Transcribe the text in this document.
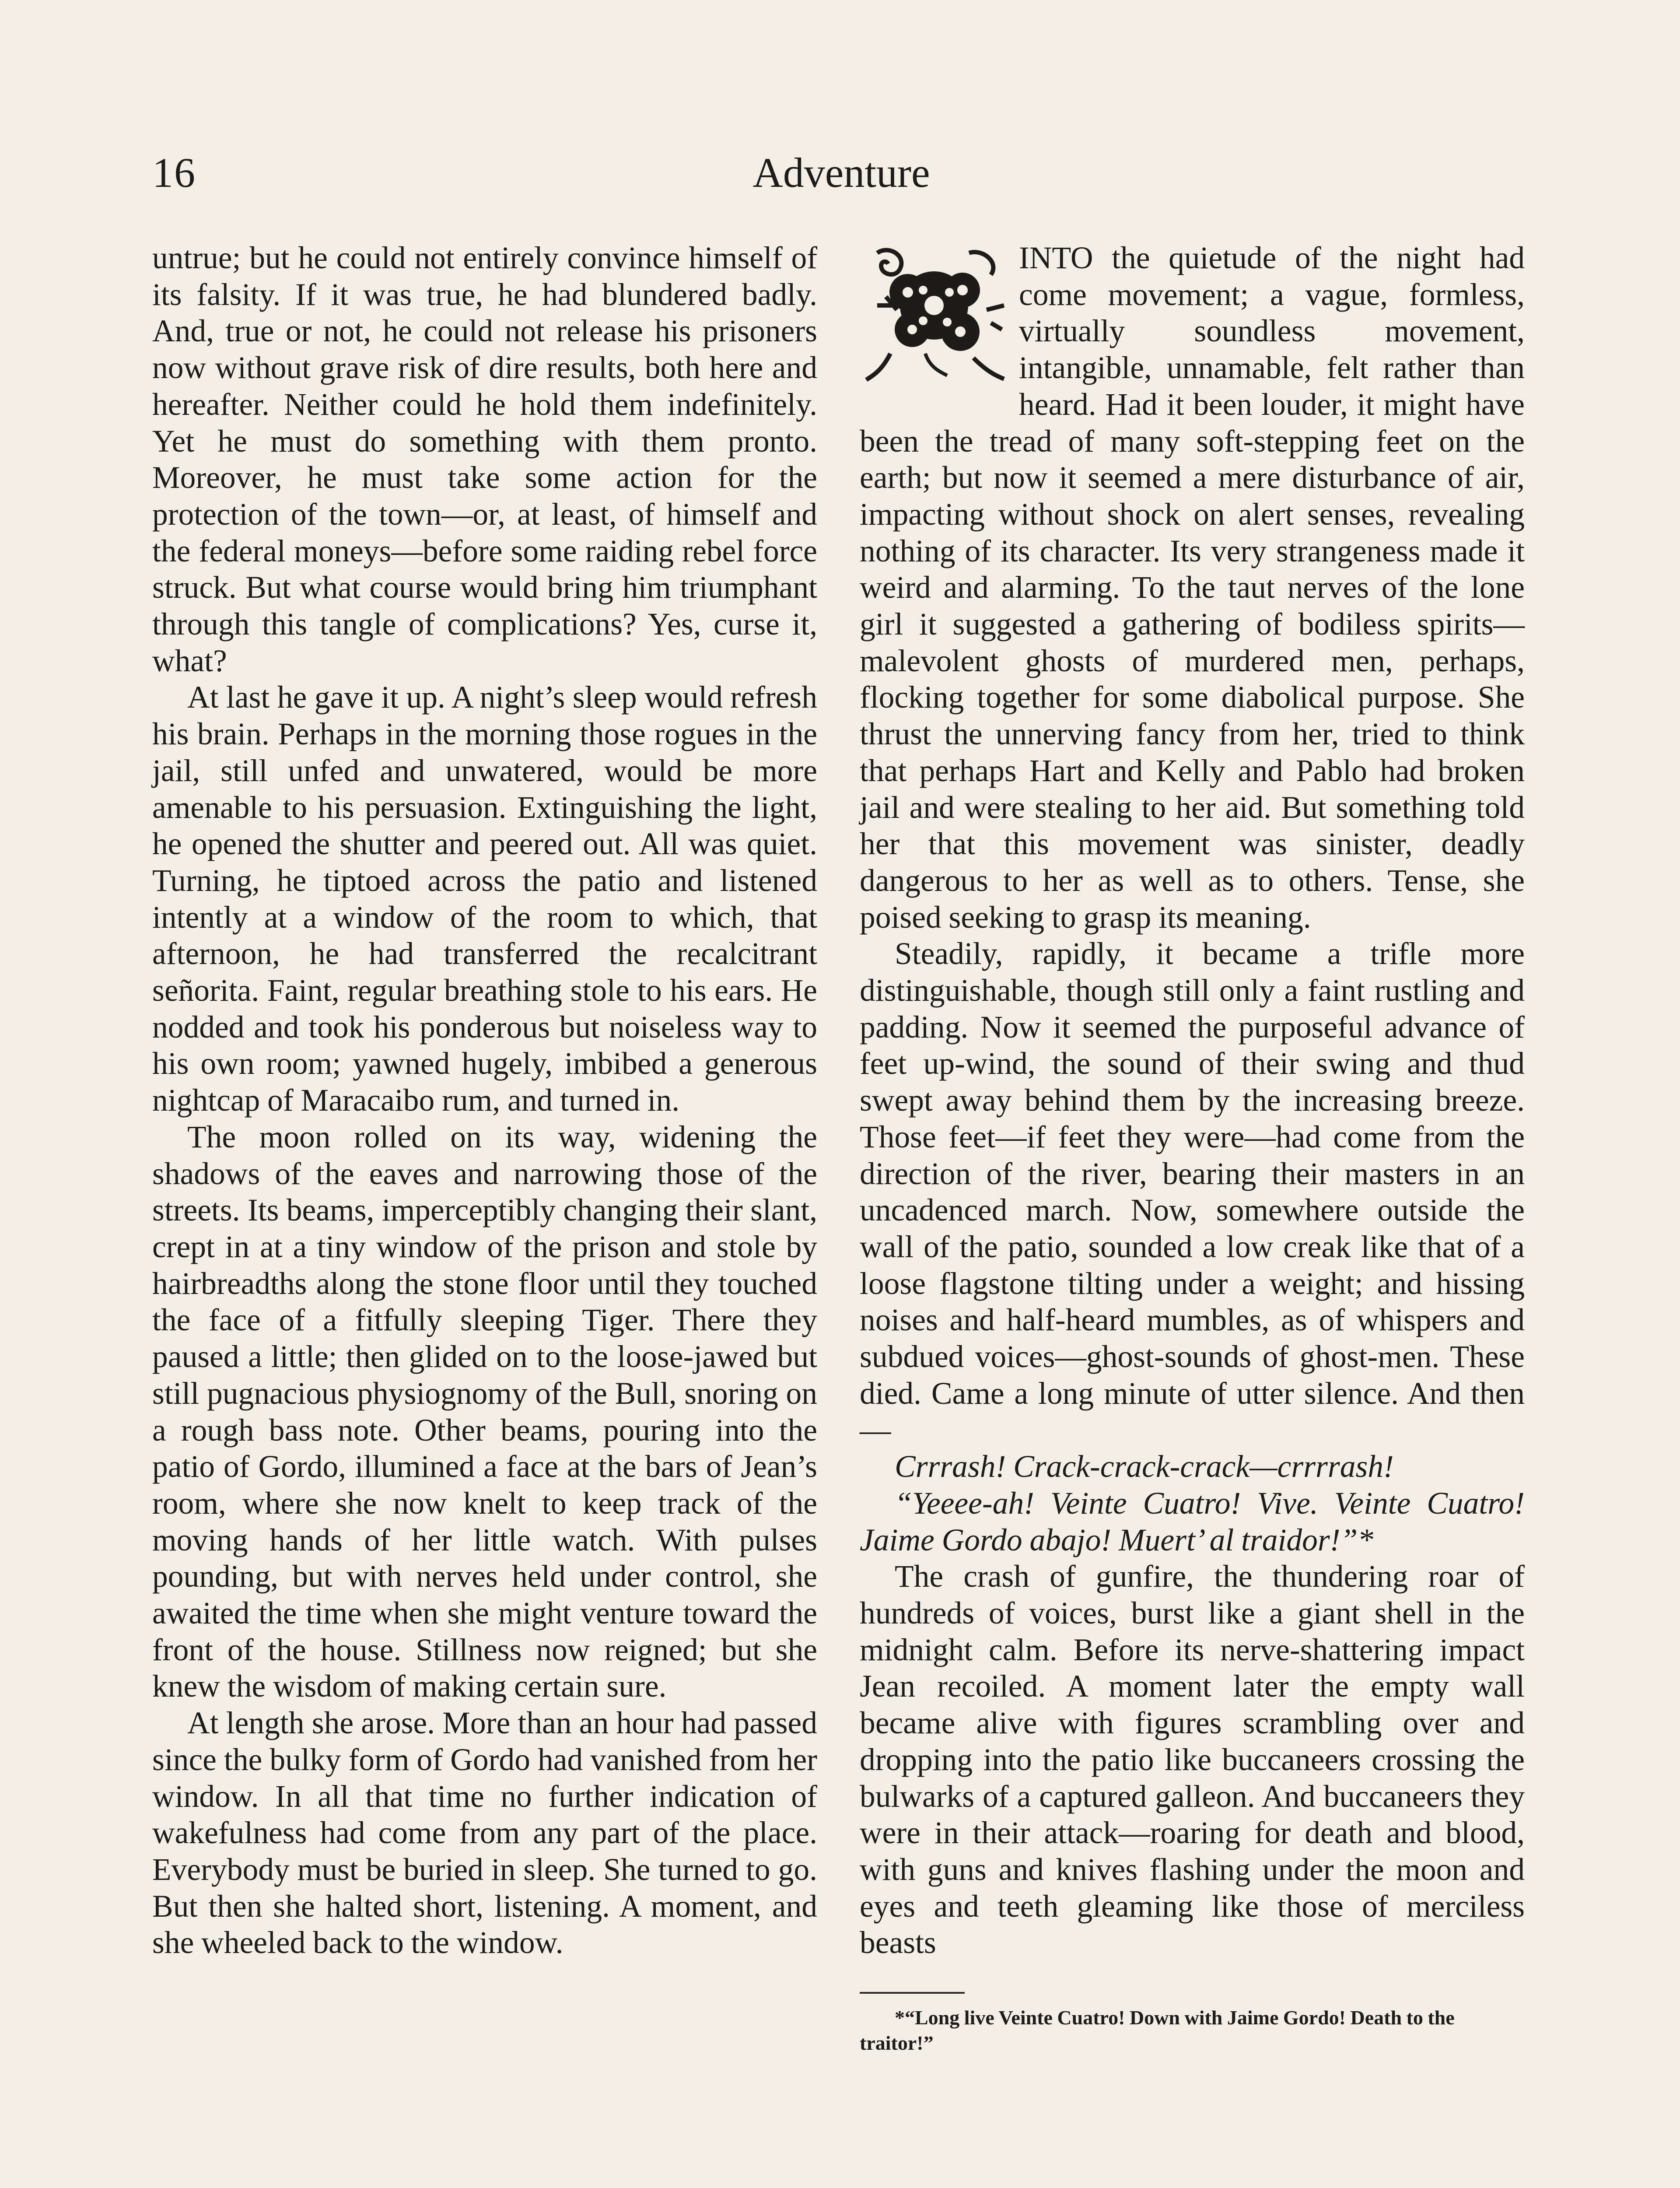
16	Adventure

untrue; but he could not entirely convince himself of its falsity. If it was true, he had blundered badly. And, true or not, he could not release his prisoners now without grave risk of dire results, both here and hereafter. Neither could he hold them indefinitely. Yet he must do something with them pronto. Moreover, he must take some action for the protection of the town—or, at least, of himself and the federal moneys—before some raiding rebel force struck. But what course would bring him triumphant through this tangle of complications? Yes, curse it, what?

At last he gave it up. A night’s sleep would refresh his brain. Perhaps in the morning those rogues in the jail, still unfed and unwatered, would be more amenable to his persuasion. Extinguishing the light, he opened the shutter and peered out. All was quiet. Turning, he tiptoed across the patio and listened intently at a window of the room to which, that afternoon, he had transferred the recalcitrant señorita. Faint, regular breathing stole to his ears. He nodded and took his ponderous but noiseless way to his own room; yawned hugely, imbibed a generous nightcap of Maracaibo rum, and turned in.

The moon rolled on its way, widening the shadows of the eaves and narrowing those of the streets. Its beams, imperceptibly changing their slant, crept in at a tiny window of the prison and stole by hairbreadths along the stone floor until they touched the face of a fitfully sleeping Tiger. There they paused a little; then glided on to the loose-jawed but still pugnacious physiognomy of the Bull, snoring on a rough bass note. Other beams, pouring into the patio of Gordo, illumined a face at the bars of Jean’s room, where she now knelt to keep track of the moving hands of her little watch. With pulses pounding, but with nerves held under control, she awaited the time when she might venture toward the front of the house. Stillness now reigned; but she knew the wisdom of making certain sure.

At length she arose. More than an hour had passed since the bulky form of Gordo had vanished from her window. In all that time no further indication of wakefulness had come from any part of the place. Everybody must be buried in sleep. She turned to go. But then she halted short, listening. A moment, and she wheeled back to the window.

INTO the quietude of the night had come movement; a vague, formless, virtually soundless movement, intangible, unnamable, felt rather than heard. Had it been louder, it might have been the tread of many soft-stepping feet on the earth; but now it seemed a mere disturbance of air, impacting without shock on alert senses, revealing nothing of its character. Its very strangeness made it weird and alarming. To the taut nerves of the lone girl it suggested a gathering of bodiless spirits—malevolent ghosts of murdered men, perhaps, flocking together for some diabolical purpose. She thrust the unnerving fancy from her, tried to think that perhaps Hart and Kelly and Pablo had broken jail and were stealing to her aid. But something told her that this movement was sinister, deadly dangerous to her as well as to others. Tense, she poised seeking to grasp its meaning.

Steadily, rapidly, it became a trifle more distinguishable, though still only a faint rustling and padding. Now it seemed the purposeful advance of feet up-wind, the sound of their swing and thud swept away behind them by the increasing breeze. Those feet—if feet they were—had come from the direction of the river, bearing their masters in an uncadenced march. Now, somewhere outside the wall of the patio, sounded a low creak like that of a loose flagstone tilting under a weight; and hissing noises and half-heard mumbles, as of whispers and subdued voices—ghost-sounds of ghost-men. These died. Came a long minute of utter silence. And then—

Crrrash! Crack-crack-crack—crrrrash!

“Yeeee-ah! Veinte Cuatro! Vive. Veinte Cuatro! Jaime Gordo abajo! Muert’ al traidor!”*

The crash of gunfire, the thundering roar of hundreds of voices, burst like a giant shell in the midnight calm. Before its nerve-shattering impact Jean recoiled. A moment later the empty wall became alive with figures scrambling over and dropping into the patio like buccaneers crossing the bulwarks of a captured galleon. And buccaneers they were in their attack—roaring for death and blood, with guns and knives flashing under the moon and eyes and teeth gleaming like those of merciless beasts

*“Long live Veinte Cuatro! Down with Jaime Gordo! Death to the traitor!”
